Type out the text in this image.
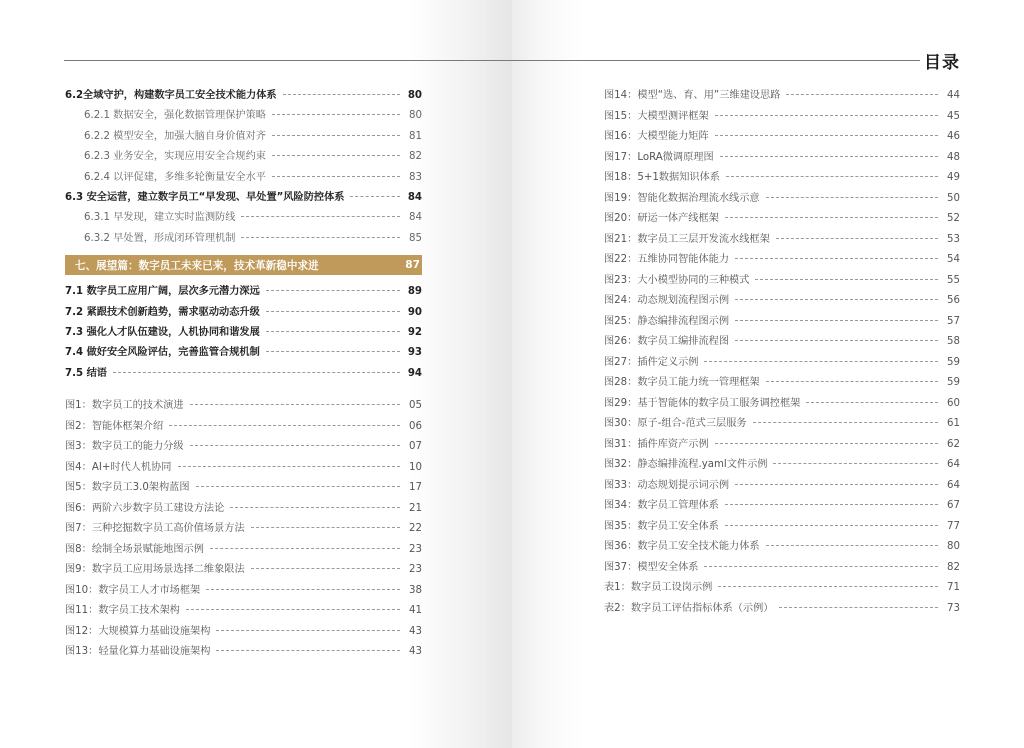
目录
6.2全域守护，构建数字员工安全技术能力体系	80
6.2.1 数据安全，强化数据管理保护策略	80
6.2.2 模型安全，加强大脑自身价值对齐	81
6.2.3 业务安全，实现应用安全合规约束	82
6.2.4 以评促建，多维多轮衡量安全水平	83
6.3 安全运营，建立数字员工“早发现、早处置”风险防控体系	84
6.3.1 早发现，建立实时监测防线	84
6.3.2 早处置，形成闭环管理机制	85
七、展望篇：数字员工未来已来，技术革新稳中求进	87
7.1 数字员工应用广阔，层次多元潜力深远	89
7.2 紧跟技术创新趋势，需求驱动动态升级	90
7.3 强化人才队伍建设，人机协同和谐发展	92
7.4 做好安全风险评估，完善监管合规机制	93
7.5 结语	94
图1：数字员工的技术演进	05
图2：智能体框架介绍	06
图3：数字员工的能力分级	07
图4：AI+时代人机协同	10
图5：数字员工3.0架构蓝图	17
图6：两阶六步数字员工建设方法论	21
图7：三种挖掘数字员工高价值场景方法	22
图8：绘制全场景赋能地图示例	23
图9：数字员工应用场景选择二维象限法	23
图10：数字员工人才市场框架	38
图11：数字员工技术架构	41
图12：大规模算力基础设施架构	43
图13：轻量化算力基础设施架构	43
图14：模型“选、育、用”三维建设思路	44
图15：大模型测评框架	45
图16：大模型能力矩阵	46
图17：LoRA微调原理图	48
图18：5+1数据知识体系	49
图19：智能化数据治理流水线示意	50
图20：研运一体产线框架	52
图21：数字员工三层开发流水线框架	53
图22：五维协同智能体能力	54
图23：大小模型协同的三种模式	55
图24：动态规划流程图示例	56
图25：静态编排流程图示例	57
图26：数字员工编排流程图	58
图27：插件定义示例	59
图28：数字员工能力统一管理框架	59
图29：基于智能体的数字员工服务调控框架	60
图30：原子-组合-范式三层服务	61
图31：插件库资产示例	62
图32：静态编排流程.yaml文件示例	64
图33：动态规划提示词示例	64
图34：数字员工管理体系	67
图35：数字员工安全体系	77
图36：数字员工安全技术能力体系	80
图37：模型安全体系	82
表1：数字员工设岗示例	71
表2：数字员工评估指标体系（示例）	73
